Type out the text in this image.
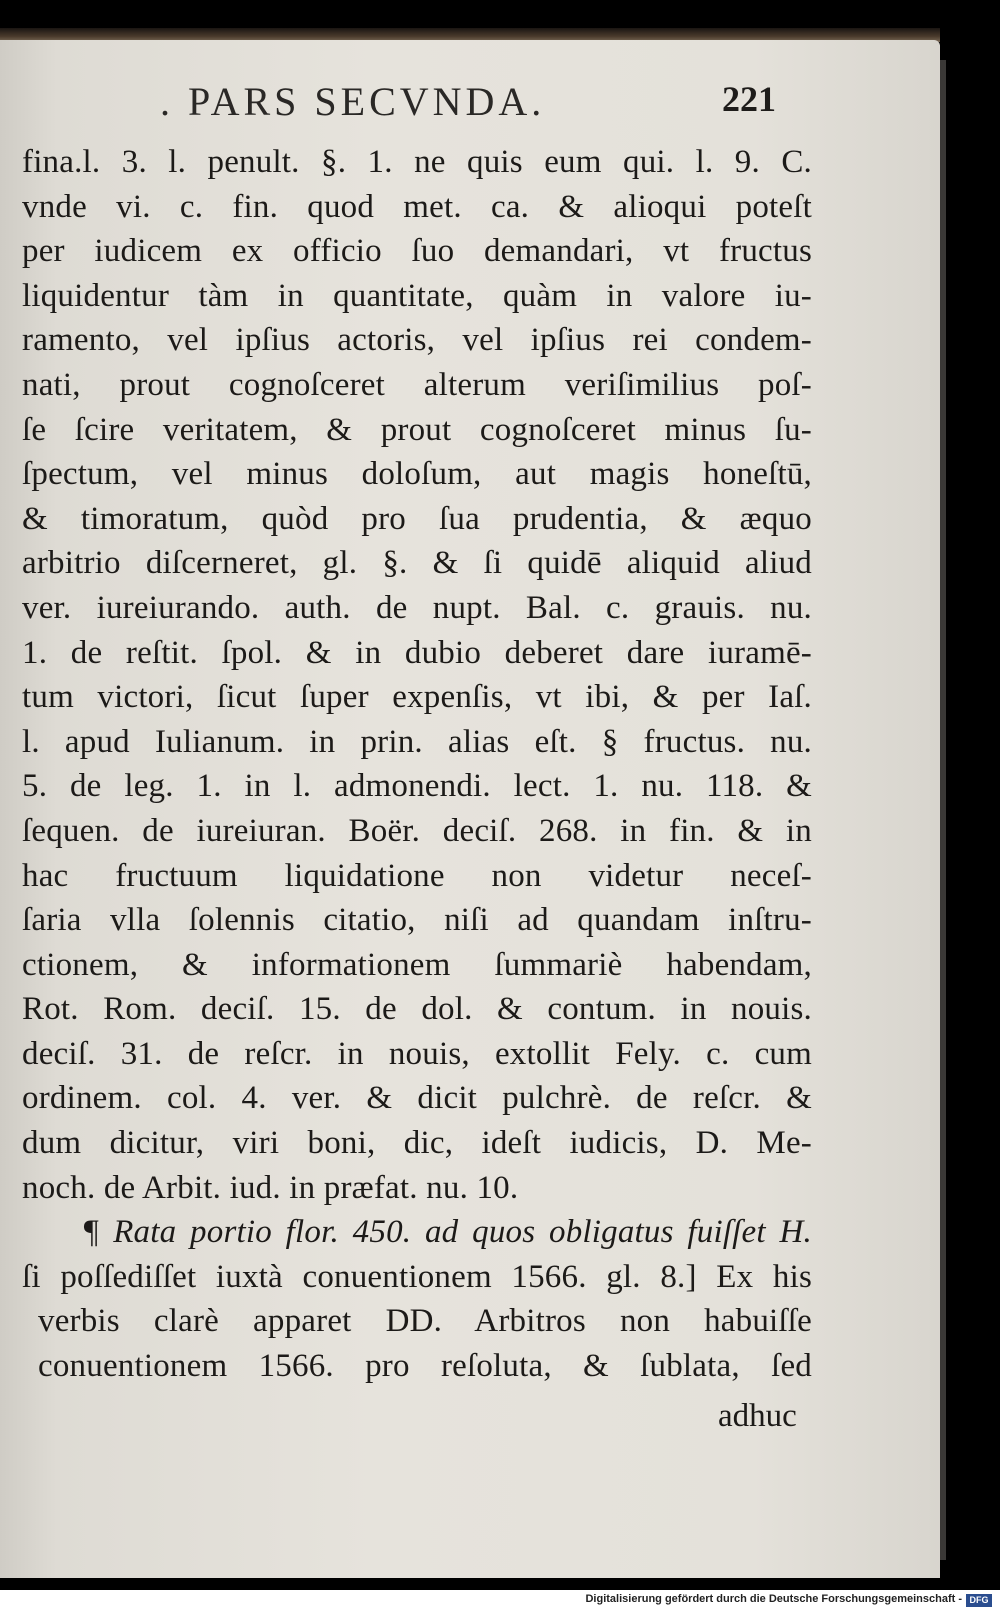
. PARS SECVNDA.	221
fina.l. 3. l. penult. §. 1. ne quis eum qui. l. 9. C.
vnde vi. c. fin. quod met. ca. & alioqui poteſt
per iudicem ex officio ſuo demandari, vt fructus
liquidentur tàm in quantitate, quàm in valore iu-
ramento, vel ipſius actoris, vel ipſius rei condem-
nati, prout cognoſceret alterum veriſimilius poſ-
ſe ſcire veritatem, & prout cognoſceret minus ſu-
ſpectum, vel minus doloſum, aut magis honeſtū,
& timoratum, quòd pro ſua prudentia, & æquo
arbitrio diſcerneret, gl. §. & ſi quidē aliquid aliud
ver. iureiurando. auth. de nupt. Bal. c. grauis. nu.
1. de reſtit. ſpol. & in dubio deberet dare iuramē-
tum victori, ſicut ſuper expenſis, vt ibi, & per Iaſ.
l. apud Iulianum. in prin. alias eſt. § fructus. nu.
5. de leg. 1. in l. admonendi. lect. 1. nu. 118. &
ſequen. de iureiuran. Boër. deciſ. 268. in fin. & in
hac fructuum liquidatione non videtur neceſ-
ſaria vlla ſolennis citatio, niſi ad quandam inſtru-
ctionem, & informationem ſummariè habendam,
Rot. Rom. deciſ. 15. de dol. & contum. in nouis.
deciſ. 31. de reſcr. in nouis, extollit Fely. c. cum
ordinem. col. 4. ver. & dicit pulchrè. de reſcr. &
dum dicitur, viri boni, dic, ideſt iudicis, D. Me-
noch. de Arbit. iud. in præfat. nu. 10.
¶ Rata portio flor. 450. ad quos obligatus fuiſſet H.
ſi poſſediſſet iuxtà conuentionem 1566. gl. 8.] Ex his
verbis clarè apparet DD. Arbitros non habuiſſe
conuentionem 1566. pro reſoluta, & ſublata, ſed
adhuc
Digitalisierung gefördert durch die Deutsche Forschungsgemeinschaft - DFG
